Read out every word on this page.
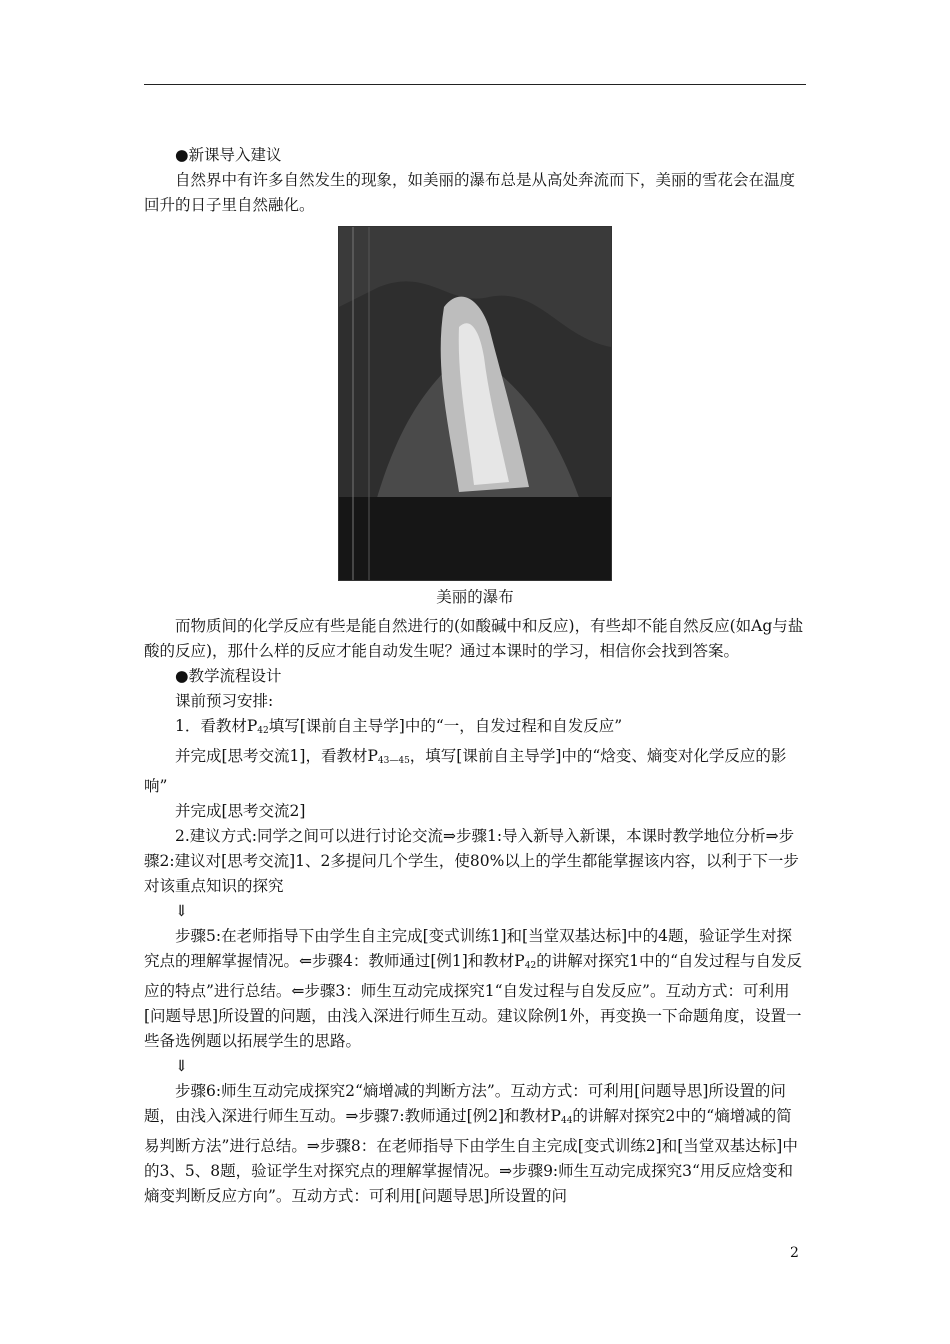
●新课导入建议

自然界中有许多自然发生的现象，如美丽的瀑布总是从高处奔流而下，美丽的雪花会在温度回升的日子里自然融化。

美丽的瀑布

而物质间的化学反应有些是能自然进行的(如酸碱中和反应)，有些却不能自然反应(如Ag与盐酸的反应)，那什么样的反应才能自动发生呢？通过本课时的学习，相信你会找到答案。

●教学流程设计

课前预习安排:

1．看教材$P_{42}$填写[课前自主导学]中的“一，自发过程和自发反应”

并完成[思考交流1]，看教材$P_{43—45}$，填写[课前自主导学]中的“焓变、熵变对化学反应的影响”

并完成[思考交流2]

2.建议方式:同学之间可以进行讨论交流⇒步骤1:导入新导入新课，本课时教学地位分析⇒步骤2:建议对[思考交流]1、2多提问几个学生，使80%以上的学生都能掌握该内容，以利于下一步对该重点知识的探究

⇓

步骤5:在老师指导下由学生自主完成[变式训练1]和[当堂双基达标]中的4题，验证学生对探究点的理解掌握情况。⇐步骤4：教师通过[例1]和教材$P_{42}$的讲解对探究1中的“自发过程与自发反应的特点”进行总结。⇐步骤3：师生互动完成探究1“自发过程与自发反应”。互动方式：可利用[问题导思]所设置的问题，由浅入深进行师生互动。建议除例1外，再变换一下命题角度，设置一些备选例题以拓展学生的思路。

⇓

步骤6:师生互动完成探究2“熵增减的判断方法”。互动方式：可利用[问题导思]所设置的问题，由浅入深进行师生互动。⇒步骤7:教师通过[例2]和教材$P_{44}$的讲解对探究2中的“熵增减的简易判断方法”进行总结。⇒步骤8：在老师指导下由学生自主完成[变式训练2]和[当堂双基达标]中的3、5、8题，验证学生对探究点的理解掌握情况。⇒步骤9:师生互动完成探究3“用反应焓变和熵变判断反应方向”。互动方式：可利用[问题导思]所设置的问

2
